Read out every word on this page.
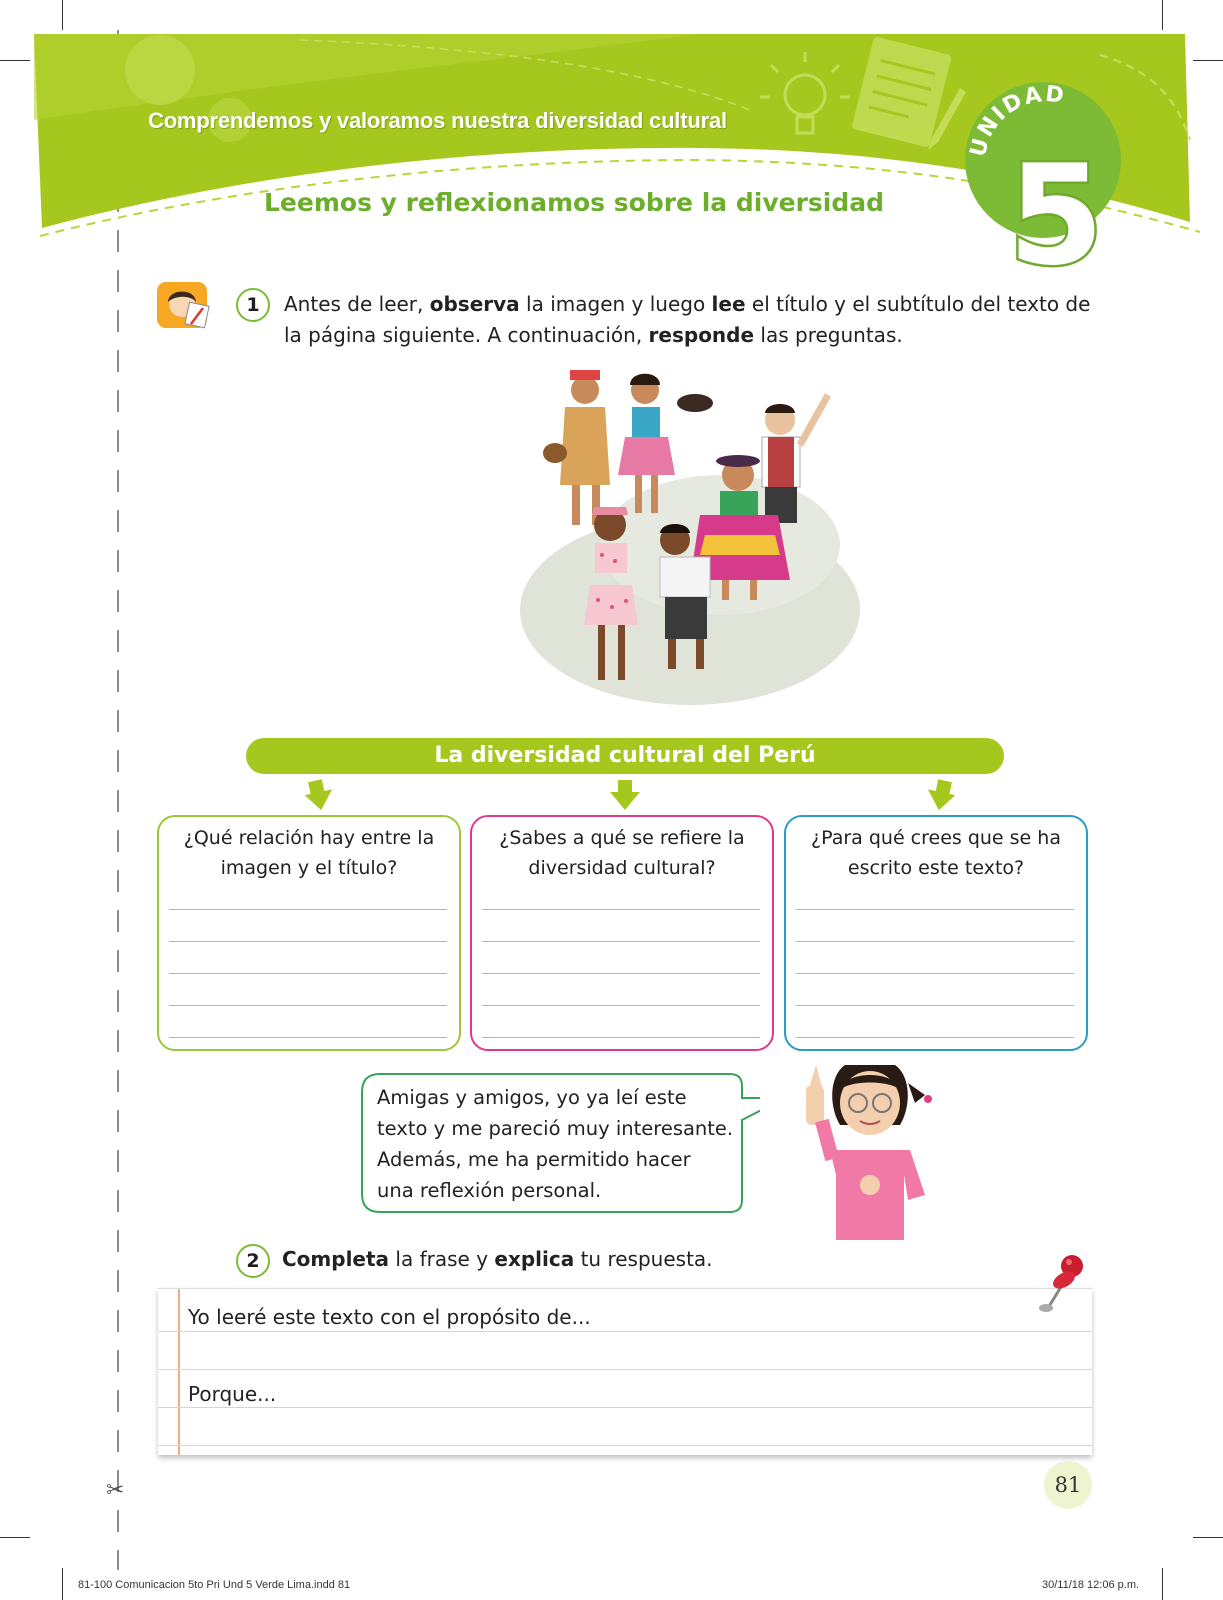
✂
Comprendemos y valoramos nuestra diversidad cultural
Leemos y reflexionamos sobre la diversidad
UNIDAD
5
1	Antes de leer, observa la imagen y luego lee el título y el subtítulo del texto de
la página siguiente. A continuación, responde las preguntas.
La diversidad cultural del Perú
¿Qué relación hay entre la
imagen y el título?
¿Sabes a qué se refiere la
diversidad cultural?
¿Para qué crees que se ha
escrito este texto?
Amigas y amigos, yo ya leí este
texto y me pareció muy interesante.
Además, me ha permitido hacer
una reflexión personal.
2	Completa la frase y explica tu respuesta.
Yo leeré este texto con el propósito de...
Porque...
81
81-100 Comunicacion 5to Pri Und 5 Verde Lima.indd 81	30/11/18 12:06 p.m.
